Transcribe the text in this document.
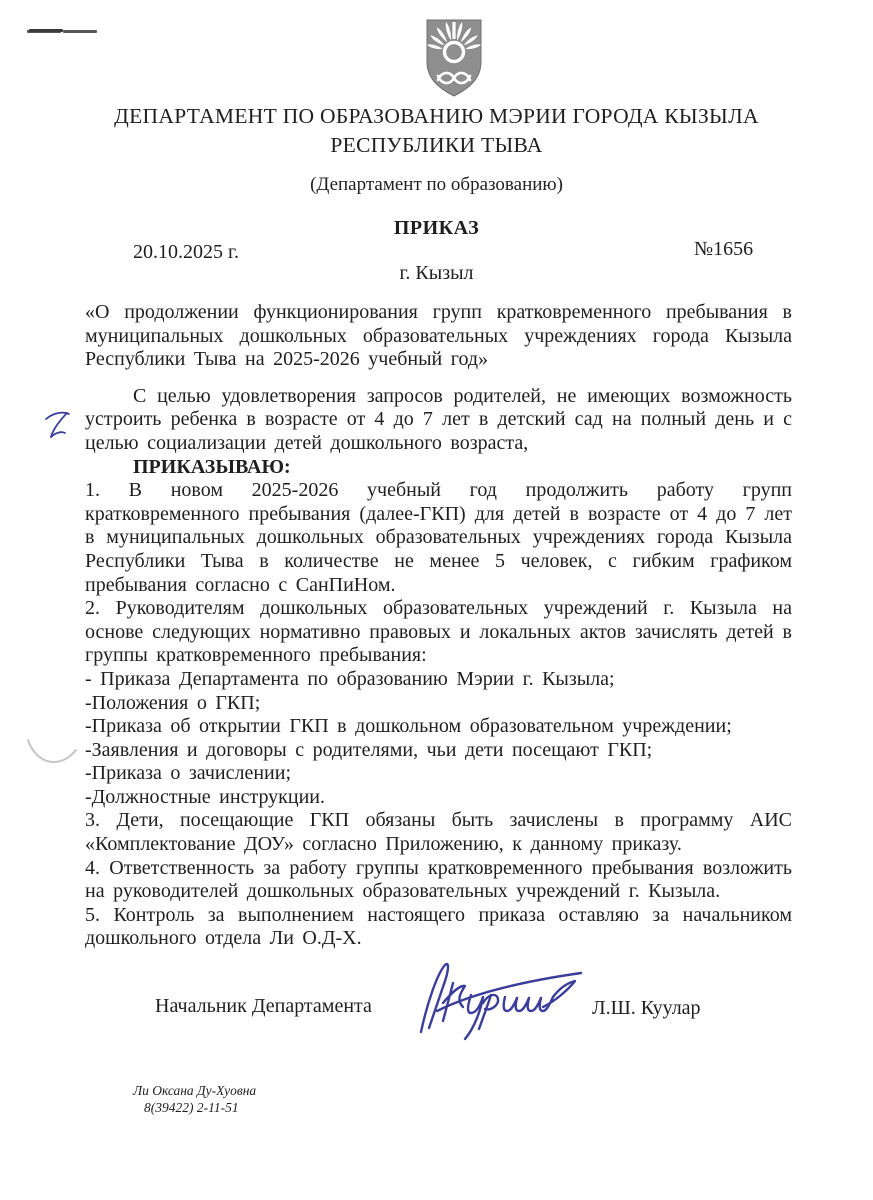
ДЕПАРТАМЕНТ ПО ОБРАЗОВАНИЮ МЭРИИ ГОРОДА КЫЗЫЛА
РЕСПУБЛИКИ ТЫВА
(Департамент по образованию)
ПРИКАЗ
20.10.2025 г.	№1656
г. Кызыл

«О продолжении функционирования групп кратковременного пребывания в муниципальных дошкольных образовательных учреждениях города Кызыла Республики Тыва на 2025-2026 учебный год»

С целью удовлетворения запросов родителей, не имеющих возможность устроить ребенка в возрасте от 4 до 7 лет в детский сад на полный день и с целью социализации детей дошкольного возраста,

ПРИКАЗЫВАЮ:

1. В новом 2025-2026 учебный год продолжить работу групп кратковременного пребывания (далее-ГКП) для детей в возрасте от 4 до 7 лет в муниципальных дошкольных образовательных учреждениях города Кызыла Республики Тыва в количестве не менее 5 человек, с гибким графиком пребывания согласно с СанПиНом.

2. Руководителям дошкольных образовательных учреждений г. Кызыла на основе следующих нормативно правовых и локальных актов зачислять детей в группы кратковременного пребывания:

- Приказа Департамента по образованию Мэрии г. Кызыла;

-Положения о ГКП;

-Приказа об открытии ГКП в дошкольном образовательном учреждении;

-Заявления и договоры с родителями, чьи дети посещают ГКП;

-Приказа о зачислении;

-Должностные инструкции.

3. Дети, посещающие ГКП обязаны быть зачислены в программу АИС «Комплектование ДОУ» согласно Приложению, к данному приказу.

4. Ответственность за работу группы кратковременного пребывания возложить на руководителей дошкольных образовательных учреждений г. Кызыла.

5. Контроль за выполнением настоящего приказа оставляю за начальником дошкольного отдела Ли О.Д-Х.

Начальник Департамента	Л.Ш. Куулар
Ли Оксана Ду-Хуовна
8(39422) 2-11-51
